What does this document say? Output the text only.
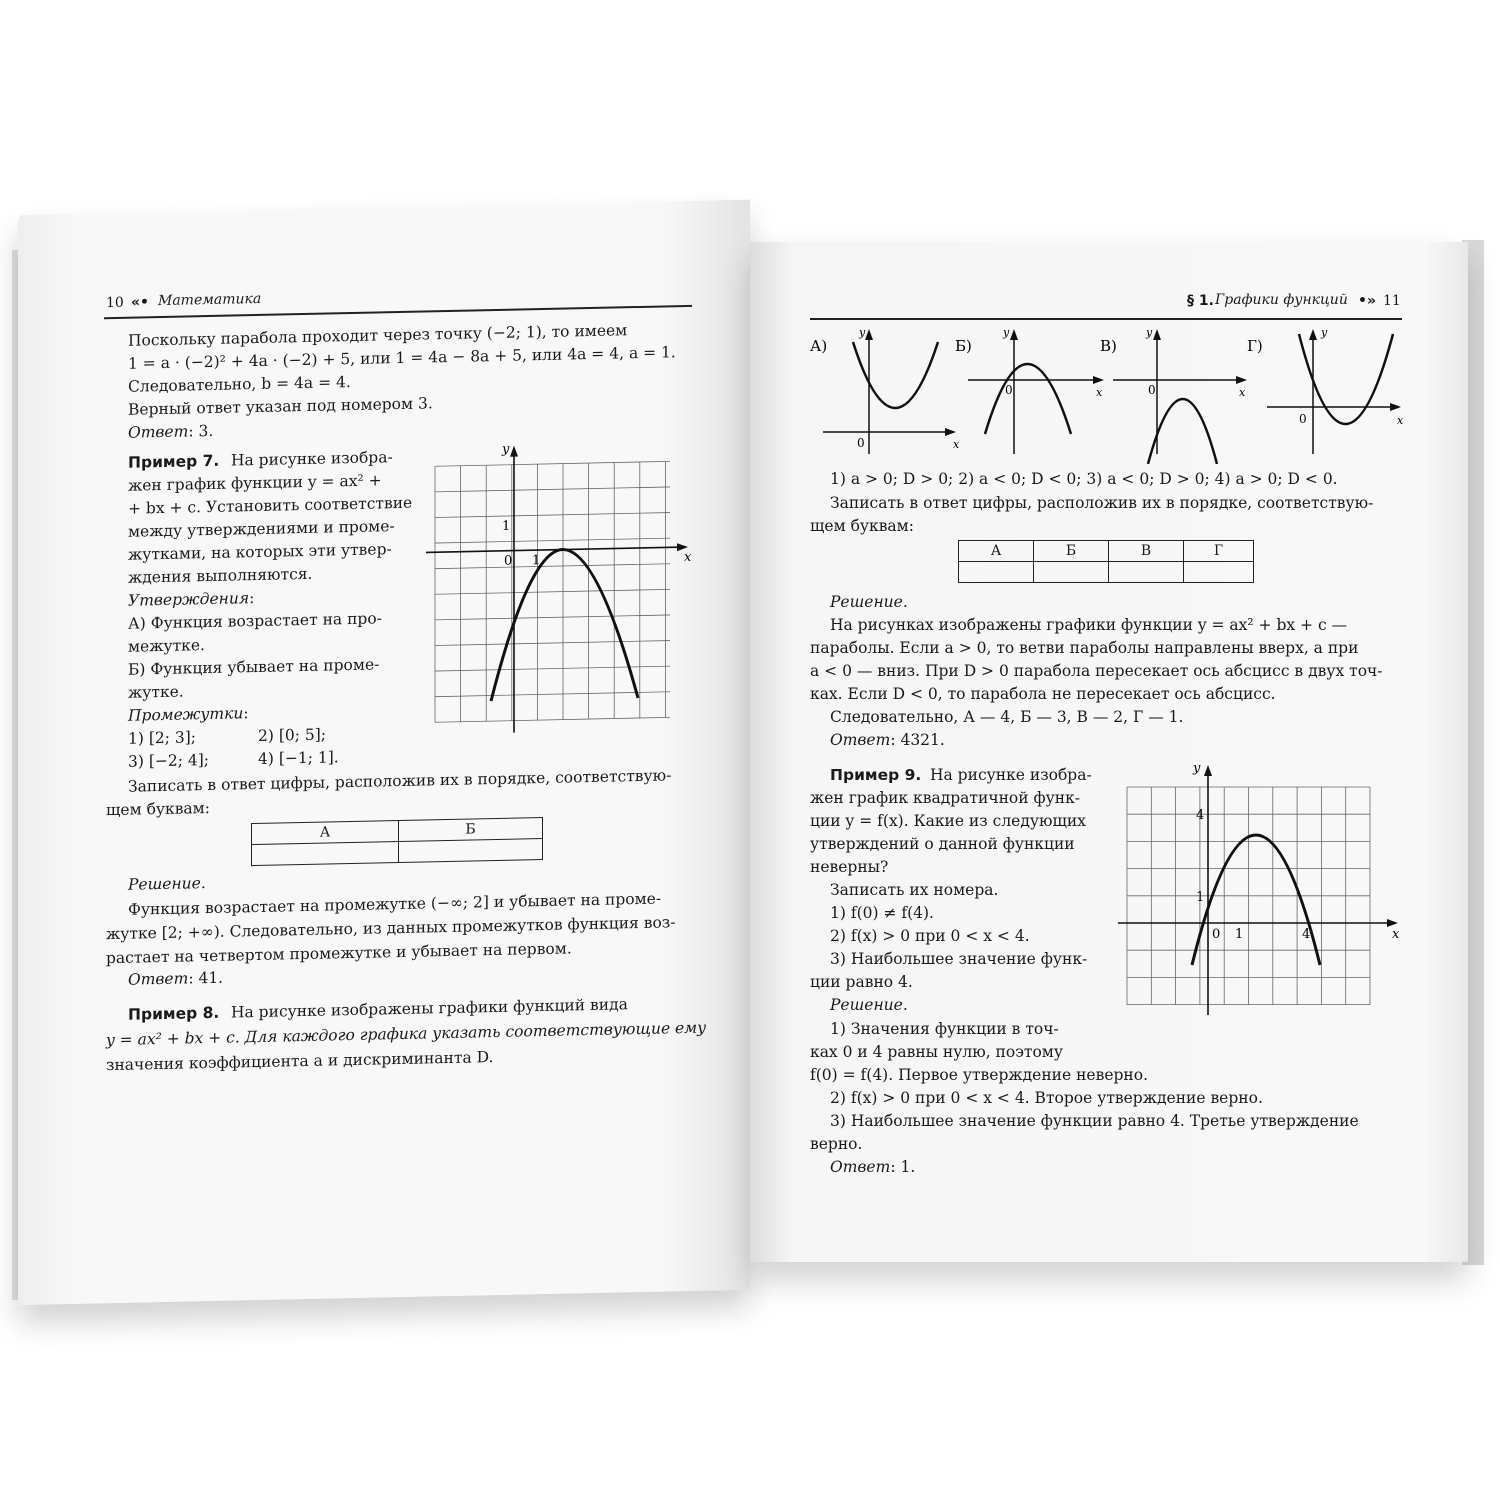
10 «• Математика
Поскольку парабола проходит через точку (−2; 1), то имеем
1 = a · (−2)² + 4a · (−2) + 5, или 1 = 4a − 8a + 5, или 4a = 4, a = 1.
Следовательно, b = 4a = 4.
Верный ответ указан под номером 3.
Ответ: 3.
Пример 7. На рисунке изобра-
жен график функции y = ax² +
+ bx + c. Установить соответствие
между утверждениями и проме-
жутками, на которых эти утвер-
ждения выполняются.
Утверждения:
А) Функция возрастает на про-
межутке.
Б) Функция убывает на проме-
жутке.
Промежутки:
1) [2; 3];	2) [0; 5];
3) [−2; 4];	4) [−1; 1].
Записать в ответ цифры, расположив их в порядке, соответствую-
щем буквам:
А	Б

Решение.
Функция возрастает на промежутке (−∞; 2] и убывает на проме-
жутке [2; +∞). Следовательно, из данных промежутков функция воз-
растает на четвертом промежутке и убывает на первом.
Ответ: 41.
Пример 8. На рисунке изображены графики функций вида
y = ax² + bx + c. Для каждого графика указать соответствующие ему
значения коэффициента a и дискриминанта D.
x
y
0 1
1
§ 1. Графики функций •» 11
А)
x
y
0
Б)
x
y
0
В)
x
y
0
Г)
x
y
0
1) a > 0; D > 0; 2) a < 0; D < 0; 3) a < 0; D > 0; 4) a > 0; D < 0.
Записать в ответ цифры, расположив их в порядке, соответствую-
щем буквам:
А	Б	В	Г

Решение.
На рисунках изображены графики функции y = ax² + bx + c —
параболы. Если a > 0, то ветви параболы направлены вверх, а при
a < 0 — вниз. При D > 0 парабола пересекает ось абсцисс в двух точ-
ках. Если D < 0, то парабола не пересекает ось абсцисс.
Следовательно, А — 4, Б — 3, В — 2, Г — 1.
Ответ: 4321.
Пример 9. На рисунке изобра-
жен график квадратичной функ-
ции y = f(x). Какие из следующих
утверждений о данной функции
неверны?
Записать их номера.
1) f(0) ≠ f(4).
2) f(x) > 0 при 0 < x < 4.
3) Наибольшее значение функ-
ции равно 4.
Решение.
1) Значения функции в точ-
ках 0 и 4 равны нулю, поэтому
f(0) = f(4). Первое утверждение неверно.
2) f(x) > 0 при 0 < x < 4. Второе утверждение верно.
3) Наибольшее значение функции равно 4. Третье утверждение
верно.
Ответ: 1.
x
y
0 1	4
4
1
